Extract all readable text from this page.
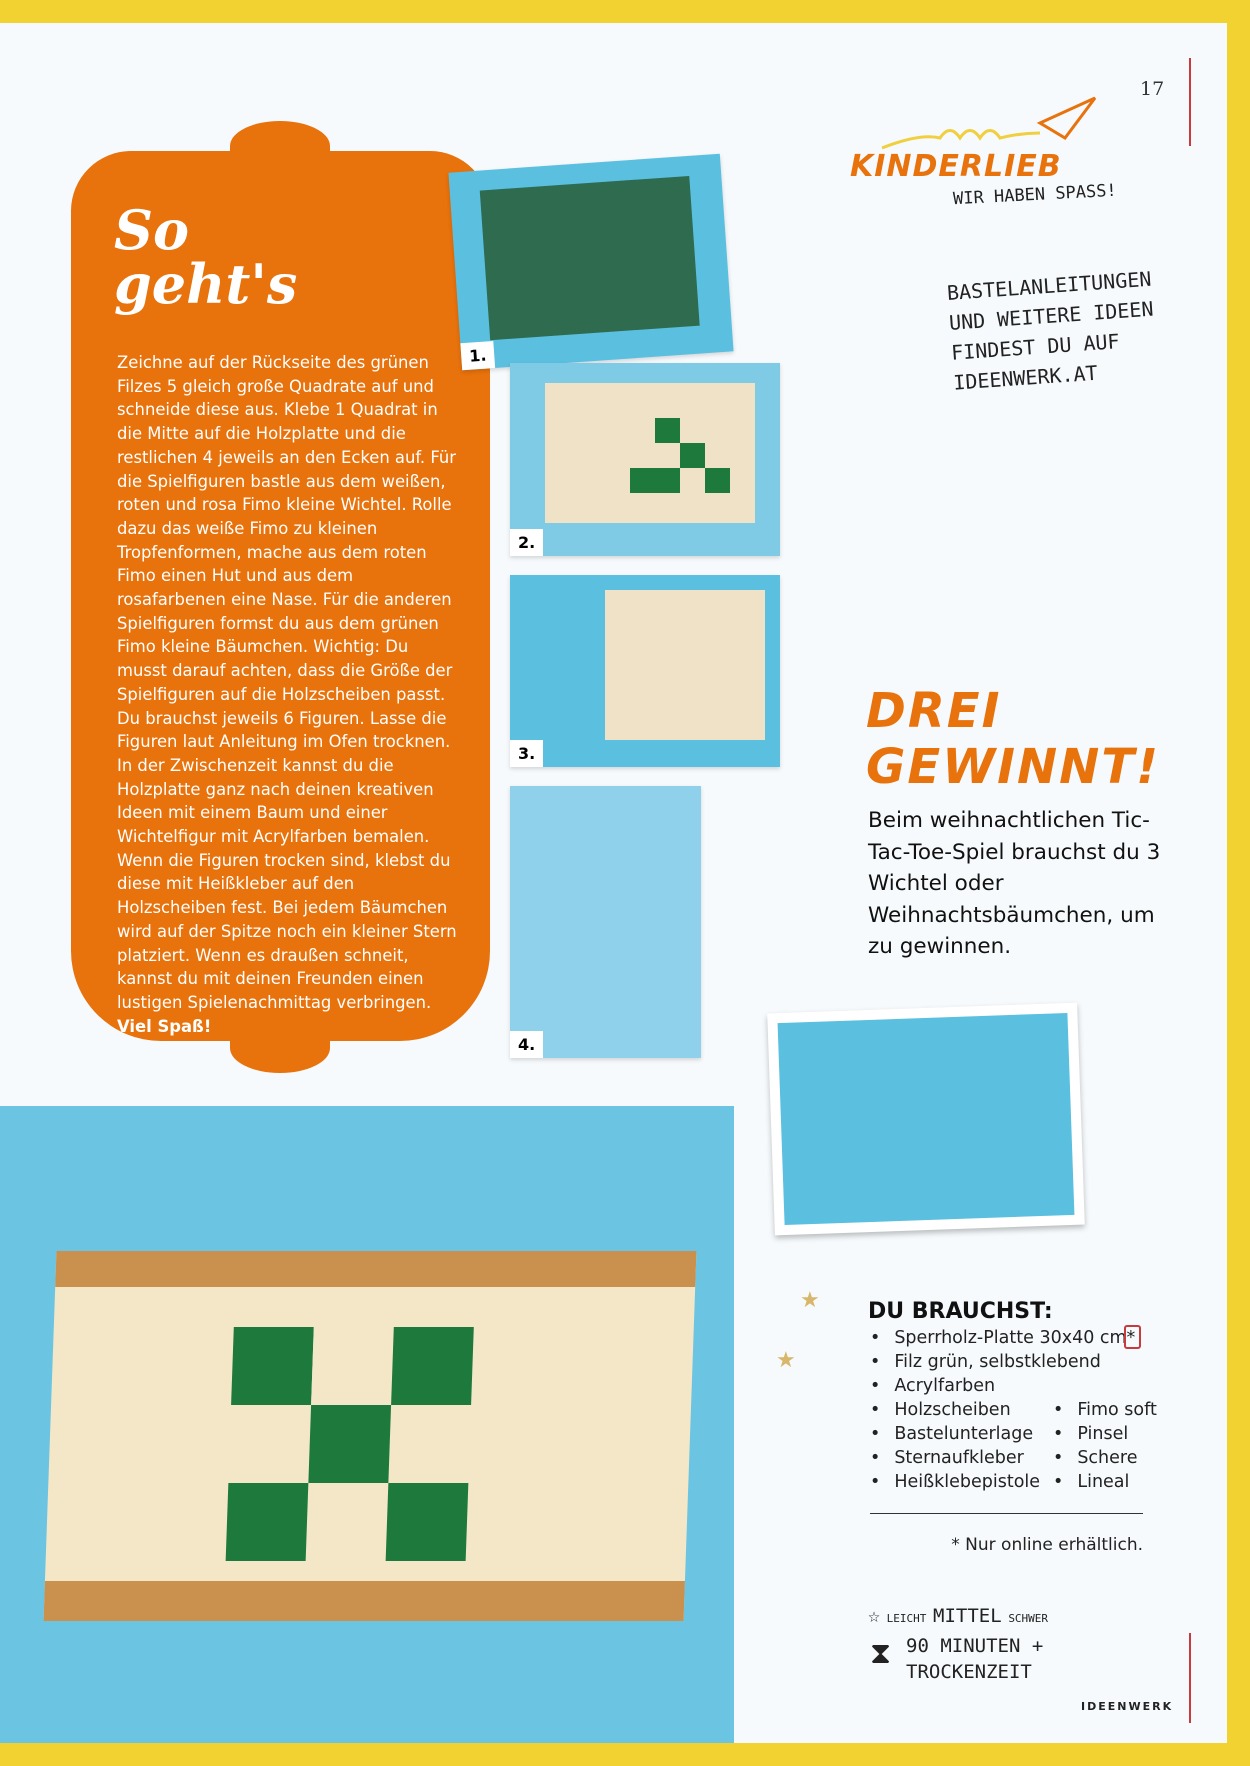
So
geht's
Zeichne auf der Rückseite des grünen Filzes 5 gleich große Quadrate auf und schneide diese aus. Klebe 1 Quadrat in die Mitte auf die Holzplatte und die restlichen 4 jeweils an den Ecken auf. Für die Spielfiguren bastle aus dem weißen, roten und rosa Fimo kleine Wichtel. Rolle dazu das weiße Fimo zu kleinen Tropfenformen, mache aus dem roten Fimo einen Hut und aus dem rosafarbenen eine Nase. Für die anderen Spielfiguren formst du aus dem grünen Fimo kleine Bäumchen. Wichtig: Du musst darauf achten, dass die Größe der Spielfiguren auf die Holzscheiben passt. Du brauchst jeweils 6 Figuren. Lasse die Figuren laut Anleitung im Ofen trocknen. In der Zwischenzeit kannst du die Holzplatte ganz nach deinen kreativen Ideen mit einem Baum und einer Wichtelfigur mit Acrylfarben bemalen. Wenn die Figuren trocken sind, klebst du diese mit Heißkleber auf den Holzscheiben fest. Bei jedem Bäumchen wird auf der Spitze noch ein kleiner Stern platziert. Wenn es draußen schneit, kannst du mit deinen Freunden einen lustigen Spielenachmittag verbringen. Viel Spaß!
1.
2.
3.
4.
17
KINDERLIEB
WIR HABEN SPASS!
BASTELANLEITUNGEN
UND WEITERE IDEEN
FINDEST DU AUF
IDEENWERK.AT
DREI
GEWINNT!
Beim weihnachtlichen Tic-Tac-Toe-Spiel brauchst du 3 Wichtel oder Weihnachtsbäumchen, um zu gewinnen.
★
★
DU BRAUCHST:
• Sperrholz-Platte 30x40 cm*
• Filz grün, selbstklebend
• Acrylfarben
• Holzscheiben
• Bastelunterlage
• Sternaufkleber
• Heißklebepistole
• Fimo soft
• Pinsel
• Schere
• Lineal
* Nur online erhältlich.
☆ LEICHT MITTEL SCHWER
⧗ 90 MINUTEN +
TROCKENZEIT
IDEENWERK
